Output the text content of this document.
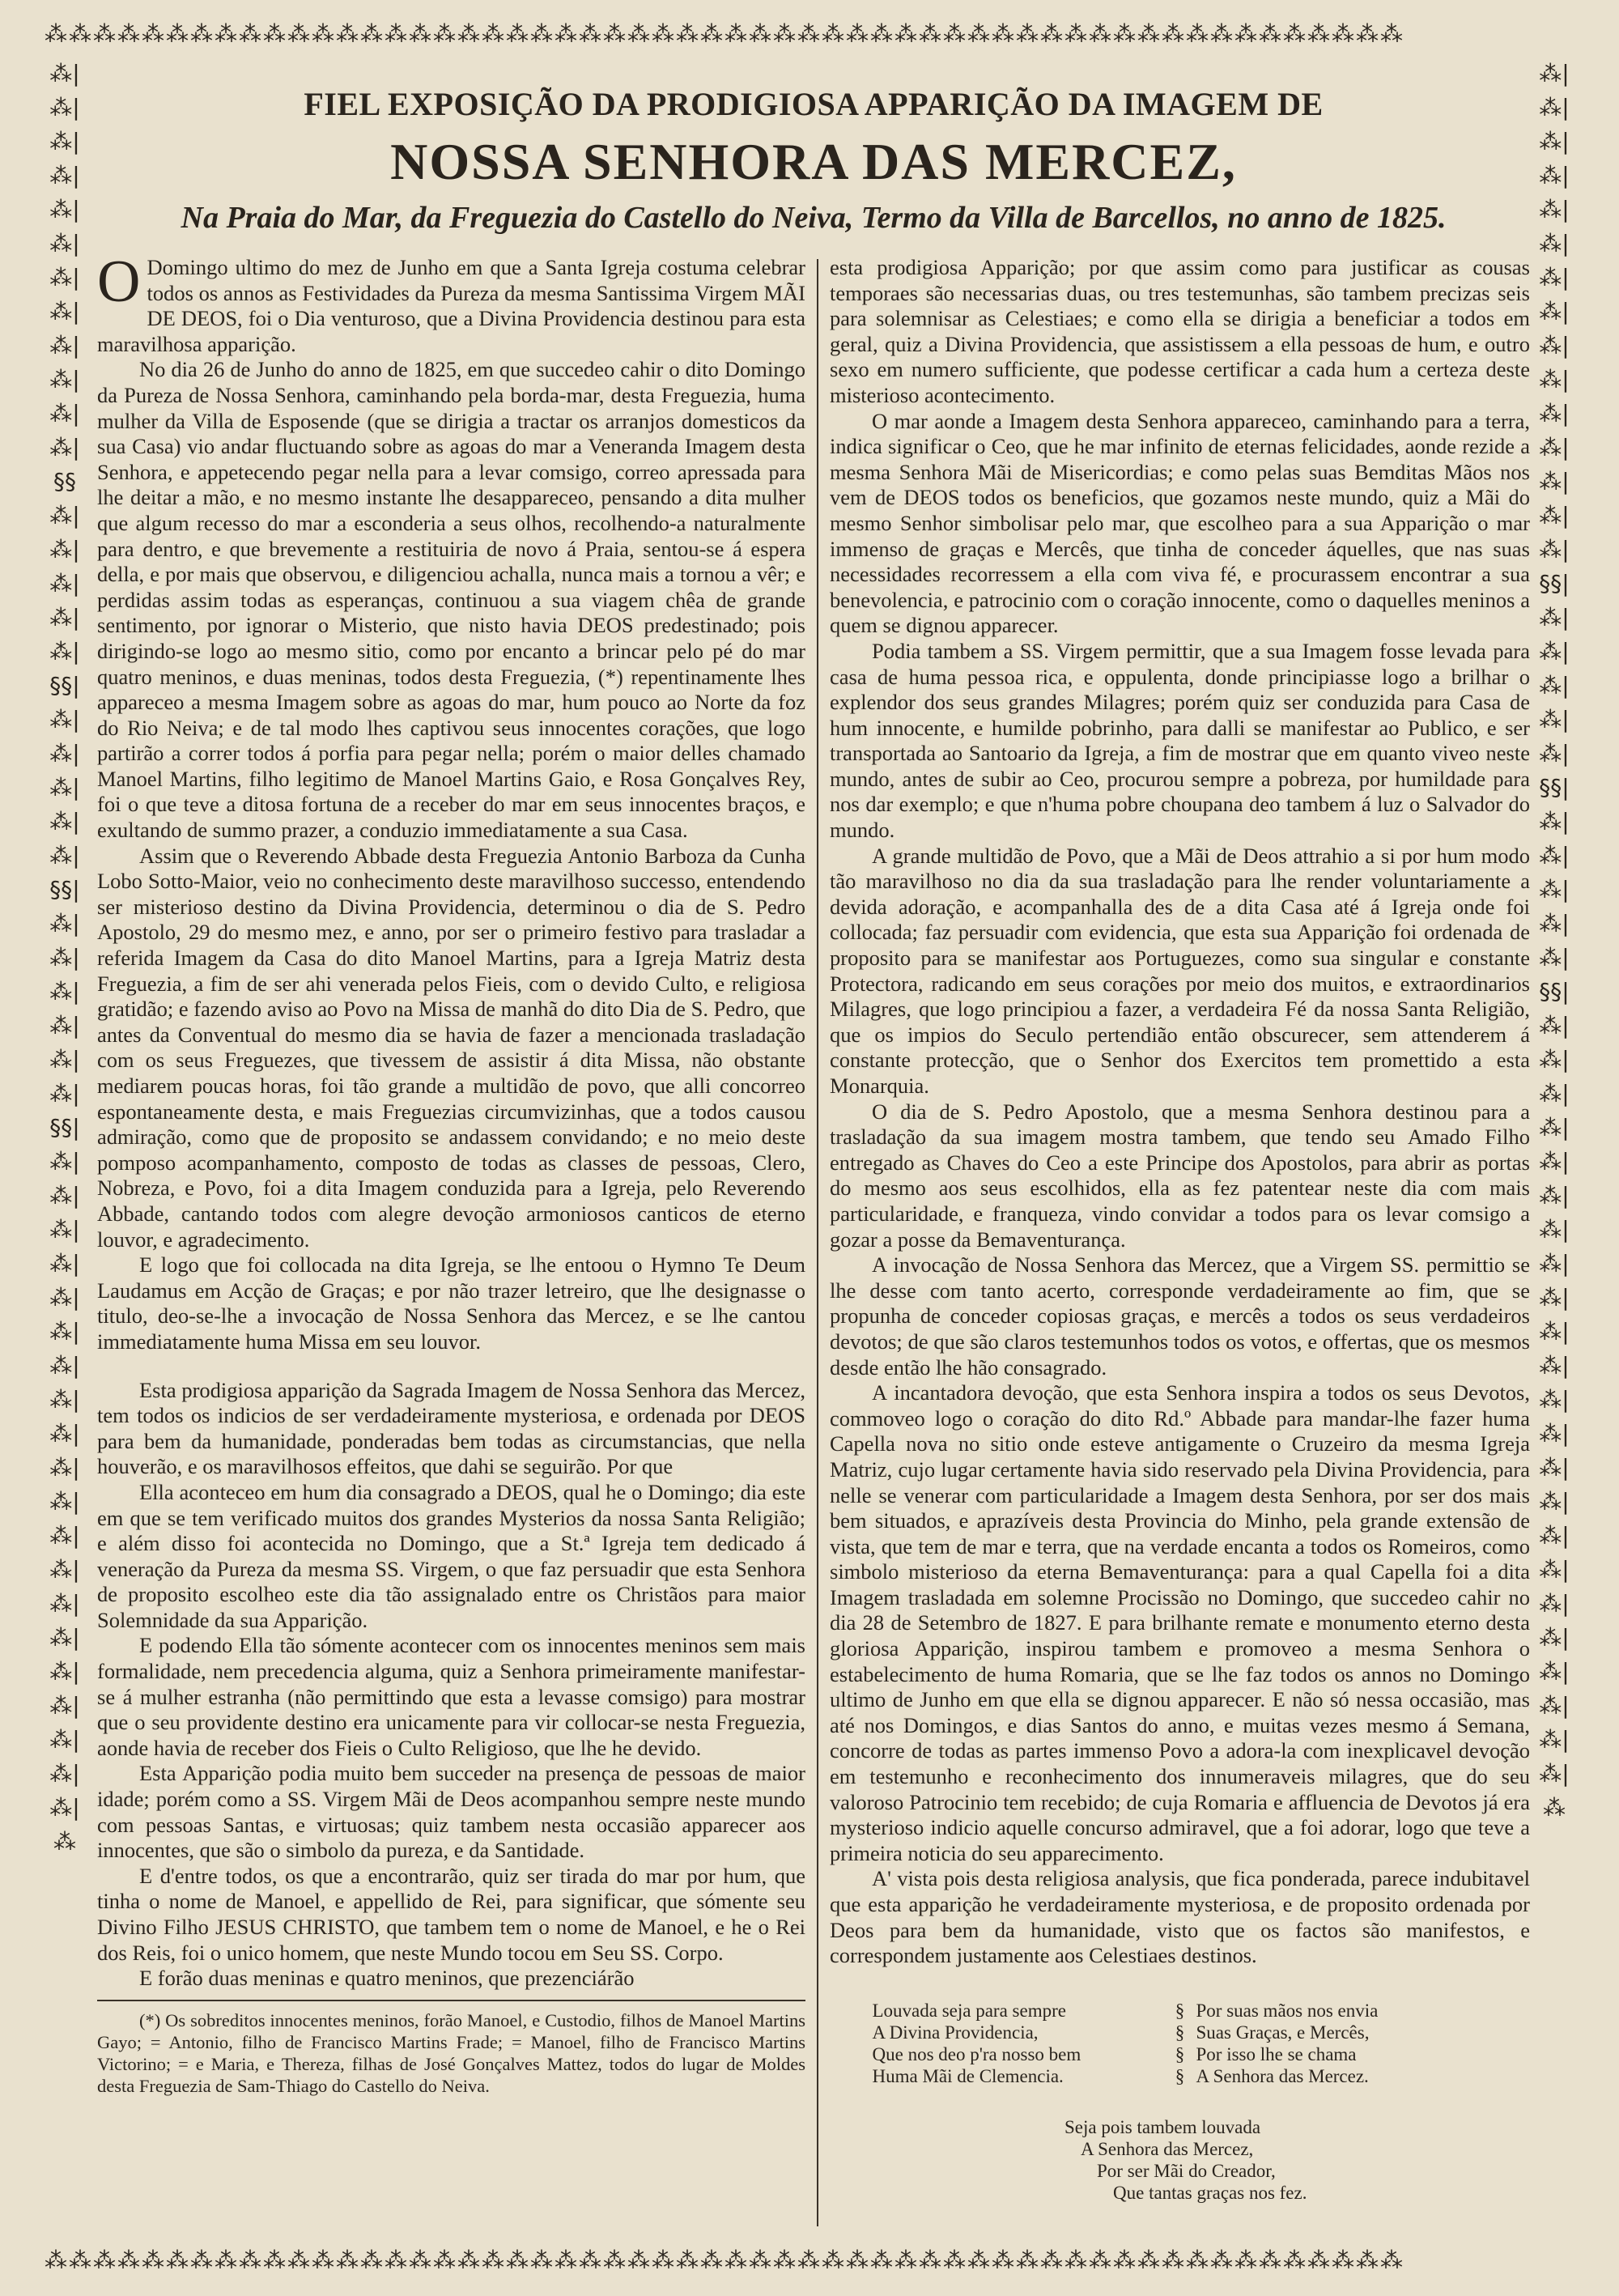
⁂⁂⁂⁂⁂⁂⁂⁂⁂⁂⁂⁂⁂⁂⁂⁂⁂⁂⁂⁂⁂⁂⁂⁂⁂⁂⁂⁂⁂⁂⁂⁂⁂⁂⁂⁂⁂⁂⁂⁂⁂⁂⁂⁂⁂⁂⁂⁂⁂⁂⁂⁂⁂⁂⁂⁂
⁂⁂⁂⁂⁂⁂⁂⁂⁂⁂⁂⁂⁂⁂⁂⁂⁂⁂⁂⁂⁂⁂⁂⁂⁂⁂⁂⁂⁂⁂⁂⁂⁂⁂⁂⁂⁂⁂⁂⁂⁂⁂⁂⁂⁂⁂⁂⁂⁂⁂⁂⁂⁂⁂⁂⁂
⁂|⁂|⁂|⁂|⁂|⁂|⁂|⁂|⁂|⁂|⁂|⁂|§§⁂|⁂|⁂|⁂|⁂|§§|⁂|⁂|⁂|⁂|⁂|§§|⁂|⁂|⁂|⁂|⁂|⁂|§§|⁂|⁂|⁂|⁂|⁂|⁂|⁂|⁂|⁂|⁂|⁂|⁂|⁂|⁂|⁂|⁂|⁂|⁂|⁂|⁂|⁂
⁂|⁂|⁂|⁂|⁂|⁂|⁂|⁂|⁂|⁂|⁂|⁂|⁂|⁂|⁂|§§|⁂|⁂|⁂|⁂|⁂|§§|⁂|⁂|⁂|⁂|⁂|§§|⁂|⁂|⁂|⁂|⁂|⁂|⁂|⁂|⁂|⁂|⁂|⁂|⁂|⁂|⁂|⁂|⁂|⁂|⁂|⁂|⁂|⁂|⁂|⁂
FIEL EXPOSIÇÃO DA PRODIGIOSA APPARIÇÃO DA IMAGEM DE
NOSSA SENHORA DAS MERCEZ,
Na Praia do Mar, da Freguezia do Castello do Neiva, Termo da Villa de Barcellos, no anno de 1825.

O Domingo ultimo do mez de Junho em que a Santa Igreja costuma celebrar todos os annos as Festividades da Pureza da mesma Santissima Virgem MÃI DE DEOS, foi o Dia venturoso, que a Divina Providencia destinou para esta maravilhosa apparição.

No dia 26 de Junho do anno de 1825, em que succedeo cahir o dito Domingo da Pureza de Nossa Senhora, caminhando pela borda-mar, desta Freguezia, huma mulher da Villa de Esposende (que se dirigia a tractar os arranjos domesticos da sua Casa) vio andar fluctuando sobre as agoas do mar a Veneranda Imagem desta Senhora, e appetecendo pegar nella para a levar comsigo, correo apressada para lhe deitar a mão, e no mesmo instante lhe desappareceo, pensando a dita mulher que algum recesso do mar a esconderia a seus olhos, recolhendo-a naturalmente para dentro, e que brevemente a restituiria de novo á Praia, sentou-se á espera della, e por mais que observou, e diligenciou achalla, nunca mais a tornou a vêr; e perdidas assim todas as esperanças, continuou a sua viagem chêa de grande sentimento, por ignorar o Misterio, que nisto havia DEOS predestinado; pois dirigindo-se logo ao mesmo sitio, como por encanto a brincar pelo pé do mar quatro meninos, e duas meninas, todos desta Freguezia, (*) repentinamente lhes appareceo a mesma Imagem sobre as agoas do mar, hum pouco ao Norte da foz do Rio Neiva; e de tal modo lhes captivou seus innocentes corações, que logo partirão a correr todos á porfia para pegar nella; porém o maior delles chamado Manoel Martins, filho legitimo de Manoel Martins Gaio, e Rosa Gonçalves Rey, foi o que teve a ditosa fortuna de a receber do mar em seus innocentes braços, e exultando de summo prazer, a conduzio immediatamente a sua Casa.

Assim que o Reverendo Abbade desta Freguezia Antonio Barboza da Cunha Lobo Sotto-Maior, veio no conhecimento deste maravilhoso successo, entendendo ser misterioso destino da Divina Providencia, determinou o dia de S. Pedro Apostolo, 29 do mesmo mez, e anno, por ser o primeiro festivo para trasladar a referida Imagem da Casa do dito Manoel Martins, para a Igreja Matriz desta Freguezia, a fim de ser ahi venerada pelos Fieis, com o devido Culto, e religiosa gratidão; e fazendo aviso ao Povo na Missa de manhã do dito Dia de S. Pedro, que antes da Conventual do mesmo dia se havia de fazer a mencionada trasladação com os seus Freguezes, que tivessem de assistir á dita Missa, não obstante mediarem poucas horas, foi tão grande a multidão de povo, que alli concorreo espontaneamente desta, e mais Freguezias circumvizinhas, que a todos causou admiração, como que de proposito se andassem convidando; e no meio deste pomposo acompanhamento, composto de todas as classes de pessoas, Clero, Nobreza, e Povo, foi a dita Imagem conduzida para a Igreja, pelo Reverendo Abbade, cantando todos com alegre devoção armoniosos canticos de eterno louvor, e agradecimento.

E logo que foi collocada na dita Igreja, se lhe entoou o Hymno Te Deum Laudamus em Acção de Graças; e por não trazer letreiro, que lhe designasse o titulo, deo-se-lhe a invocação de Nossa Senhora das Mercez, e se lhe cantou immediatamente huma Missa em seu louvor.

Esta prodigiosa apparição da Sagrada Imagem de Nossa Senhora das Mercez, tem todos os indicios de ser verdadeiramente mysteriosa, e ordenada por DEOS para bem da humanidade, ponderadas bem todas as circumstancias, que nella houverão, e os maravilhosos effeitos, que dahi se seguirão. Por que

Ella aconteceo em hum dia consagrado a DEOS, qual he o Domingo; dia este em que se tem verificado muitos dos grandes Mysterios da nossa Santa Religião; e além disso foi acontecida no Domingo, que a St.ª Igreja tem dedicado á veneração da Pureza da mesma SS. Virgem, o que faz persuadir que esta Senhora de proposito escolheo este dia tão assignalado entre os Christãos para maior Solemnidade da sua Apparição.

E podendo Ella tão sómente acontecer com os innocentes meninos sem mais formalidade, nem precedencia alguma, quiz a Senhora primeiramente manifestar-se á mulher estranha (não permittindo que esta a levasse comsigo) para mostrar que o seu providente destino era unicamente para vir collocar-se nesta Freguezia, aonde havia de receber dos Fieis o Culto Religioso, que lhe he devido.

Esta Apparição podia muito bem succeder na presença de pessoas de maior idade; porém como a SS. Virgem Mãi de Deos acompanhou sempre neste mundo com pessoas Santas, e virtuosas; quiz tambem nesta occasião apparecer aos innocentes, que são o simbolo da pureza, e da Santidade.

E d'entre todos, os que a encontrarão, quiz ser tirada do mar por hum, que tinha o nome de Manoel, e appellido de Rei, para significar, que sómente seu Divino Filho JESUS CHRISTO, que tambem tem o nome de Manoel, e he o Rei dos Reis, foi o unico homem, que neste Mundo tocou em Seu SS. Corpo.

E forão duas meninas e quatro meninos, que prezenciárão

(*) Os sobreditos innocentes meninos, forão Manoel, e Custodio, filhos de Manoel Martins Gayo; = Antonio, filho de Francisco Martins Frade; = Manoel, filho de Francisco Martins Victorino; = e Maria, e Thereza, filhas de José Gonçalves Mattez, todos do lugar de Moldes desta Freguezia de Sam-Thiago do Castello do Neiva.

esta prodigiosa Apparição; por que assim como para justificar as cousas temporaes são necessarias duas, ou tres testemunhas, são tambem precizas seis para solemnisar as Celestiaes; e como ella se dirigia a beneficiar a todos em geral, quiz a Divina Providencia, que assistissem a ella pessoas de hum, e outro sexo em numero sufficiente, que podesse certificar a cada hum a certeza deste misterioso acontecimento.

O mar aonde a Imagem desta Senhora appareceo, caminhando para a terra, indica significar o Ceo, que he mar infinito de eternas felicidades, aonde rezide a mesma Senhora Mãi de Misericordias; e como pelas suas Bemditas Mãos nos vem de DEOS todos os beneficios, que gozamos neste mundo, quiz a Mãi do mesmo Senhor simbolisar pelo mar, que escolheo para a sua Apparição o mar immenso de graças e Mercês, que tinha de conceder áquelles, que nas suas necessidades recorressem a ella com viva fé, e procurassem encontrar a sua benevolencia, e patrocinio com o coração innocente, como o daquelles meninos a quem se dignou apparecer.

Podia tambem a SS. Virgem permittir, que a sua Imagem fosse levada para casa de huma pessoa rica, e oppulenta, donde principiasse logo a brilhar o explendor dos seus grandes Milagres; porém quiz ser conduzida para Casa de hum innocente, e humilde pobrinho, para dalli se manifestar ao Publico, e ser transportada ao Santoario da Igreja, a fim de mostrar que em quanto viveo neste mundo, antes de subir ao Ceo, procurou sempre a pobreza, por humildade para nos dar exemplo; e que n'huma pobre choupana deo tambem á luz o Salvador do mundo.

A grande multidão de Povo, que a Mãi de Deos attrahio a si por hum modo tão maravilhoso no dia da sua trasladação para lhe render voluntariamente a devida adoração, e acompanhalla des de a dita Casa até á Igreja onde foi collocada; faz persuadir com evidencia, que esta sua Apparição foi ordenada de proposito para se manifestar aos Portuguezes, como sua singular e constante Protectora, radicando em seus corações por meio dos muitos, e extraordinarios Milagres, que logo principiou a fazer, a verdadeira Fé da nossa Santa Religião, que os impios do Seculo pertendião então obscurecer, sem attenderem á constante protecção, que o Senhor dos Exercitos tem promettido a esta Monarquia.

O dia de S. Pedro Apostolo, que a mesma Senhora destinou para a trasladação da sua imagem mostra tambem, que tendo seu Amado Filho entregado as Chaves do Ceo a este Principe dos Apostolos, para abrir as portas do mesmo aos seus escolhidos, ella as fez patentear neste dia com mais particularidade, e franqueza, vindo convidar a todos para os levar comsigo a gozar a posse da Bemaventurança.

A invocação de Nossa Senhora das Mercez, que a Virgem SS. permittio se lhe desse com tanto acerto, corresponde verdadeiramente ao fim, que se propunha de conceder copiosas graças, e mercês a todos os seus verdadeiros devotos; de que são claros testemunhos todos os votos, e offertas, que os mesmos desde então lhe hão consagrado.

A incantadora devoção, que esta Senhora inspira a todos os seus Devotos, commoveo logo o coração do dito Rd.º Abbade para mandar-lhe fazer huma Capella nova no sitio onde esteve antigamente o Cruzeiro da mesma Igreja Matriz, cujo lugar certamente havia sido reservado pela Divina Providencia, para nelle se venerar com particularidade a Imagem desta Senhora, por ser dos mais bem situados, e aprazíveis desta Provincia do Minho, pela grande extensão de vista, que tem de mar e terra, que na verdade encanta a todos os Romeiros, como simbolo misterioso da eterna Bemaventurança: para a qual Capella foi a dita Imagem trasladada em solemne Procissão no Domingo, que succedeo cahir no dia 28 de Setembro de 1827. E para brilhante remate e monumento eterno desta gloriosa Apparição, inspirou tambem e promoveo a mesma Senhora o estabelecimento de huma Romaria, que se lhe faz todos os annos no Domingo ultimo de Junho em que ella se dignou apparecer. E não só nessa occasião, mas até nos Domingos, e dias Santos do anno, e muitas vezes mesmo á Semana, concorre de todas as partes immenso Povo a adora-la com inexplicavel devoção em testemunho e reconhecimento dos innumeraveis milagres, que do seu valoroso Patrocinio tem recebido; de cuja Romaria e affluencia de Devotos já era mysterioso indicio aquelle concurso admiravel, que a foi adorar, logo que teve a primeira noticia do seu apparecimento.

A' vista pois desta religiosa analysis, que fica ponderada, parece indubitavel que esta apparição he verdadeiramente mysteriosa, e de proposito ordenada por Deos para bem da humanidade, visto que os factos são manifestos, e correspondem justamente aos Celestiaes destinos.

Louvada seja para sempre
A Divina Providencia,
Que nos deo p'ra nosso bem
Huma Mãi de Clemencia.
§
§
§
§
Por suas mãos nos envia
Suas Graças, e Mercês,
Por isso lhe se chama
A Senhora das Mercez.
Seja pois tambem louvada
A Senhora das Mercez,
Por ser Mãi do Creador,
Que tantas graças nos fez.
